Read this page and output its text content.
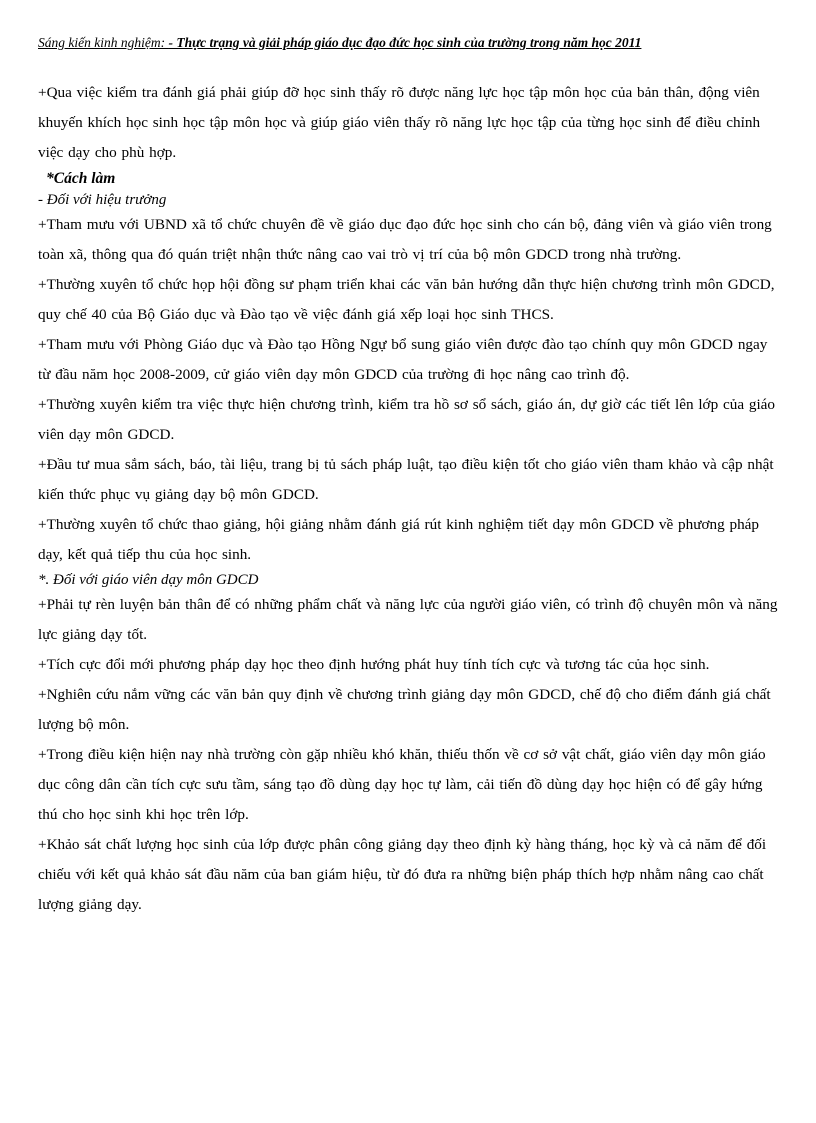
Sáng kiến kinh nghiệm: - Thực trạng và giải pháp giáo dục đạo đức học sinh của trường trong năm học 2011

+Qua việc kiểm tra đánh giá phải giúp đỡ học sinh thấy rõ được năng lực học tập môn học của bản thân, động viên khuyến khích học sinh học tập môn học và giúp giáo viên thấy rõ năng lực học tập của từng học sinh để điều chỉnh việc dạy cho phù hợp.

*Cách làm

- Đối với hiệu trưởng

+Tham mưu với UBND xã tổ chức chuyên đề về giáo dục đạo đức học sinh cho cán bộ, đảng viên và giáo viên trong toàn xã, thông qua đó quán triệt nhận thức nâng cao vai trò vị trí của bộ môn GDCD trong nhà trường.

+Thường xuyên tổ chức họp hội đồng sư phạm triển khai các văn bản hướng dẫn thực hiện chương trình môn GDCD, quy chế 40 của Bộ Giáo dục và Đào tạo về việc đánh giá xếp loại học sinh THCS.

+Tham mưu với Phòng Giáo dục và Đào tạo Hồng Ngự bổ sung giáo viên được đào tạo chính quy môn GDCD ngay từ đầu năm học 2008-2009, cử giáo viên dạy môn GDCD của trường đi học nâng cao trình độ.

+Thường xuyên kiểm tra việc thực hiện chương trình, kiểm tra hồ sơ sổ sách, giáo án, dự giờ các tiết lên lớp của giáo viên dạy môn GDCD.

+Đầu tư mua sắm sách, báo, tài liệu, trang bị tủ sách pháp luật, tạo điều kiện tốt cho giáo viên tham khảo và cập nhật kiến thức phục vụ giảng dạy bộ môn GDCD.

+Thường xuyên tổ chức thao giảng, hội giảng nhằm đánh giá rút kinh nghiệm tiết dạy môn GDCD về phương pháp dạy, kết quả tiếp thu của học sinh.

*. Đối với giáo viên dạy môn GDCD

+Phải tự rèn luyện bản thân để có những phẩm chất và năng lực của người giáo viên, có trình độ chuyên môn và năng lực giảng dạy tốt.

+Tích cực đổi mới phương pháp dạy học theo định hướng phát huy tính tích cực và tương tác của học sinh.

+Nghiên cứu nắm vững các văn bản quy định về chương trình giảng dạy môn GDCD, chế độ cho điểm đánh giá chất lượng bộ môn.

+Trong điều kiện hiện nay nhà trường còn gặp nhiều khó khăn, thiếu thốn về cơ sở vật chất, giáo viên dạy môn giáo dục công dân cần tích cực sưu tầm, sáng tạo đồ dùng dạy học tự làm, cải tiến đồ dùng dạy học hiện có để gây hứng thú cho học sinh khi học trên lớp.

+Khảo sát chất lượng học sinh của lớp được phân công giảng dạy theo định kỳ hàng tháng, học kỳ và cả năm để đối chiếu với kết quả khảo sát đầu năm của ban giám hiệu, từ đó đưa ra những biện pháp thích hợp nhằm nâng cao chất lượng giảng dạy.
